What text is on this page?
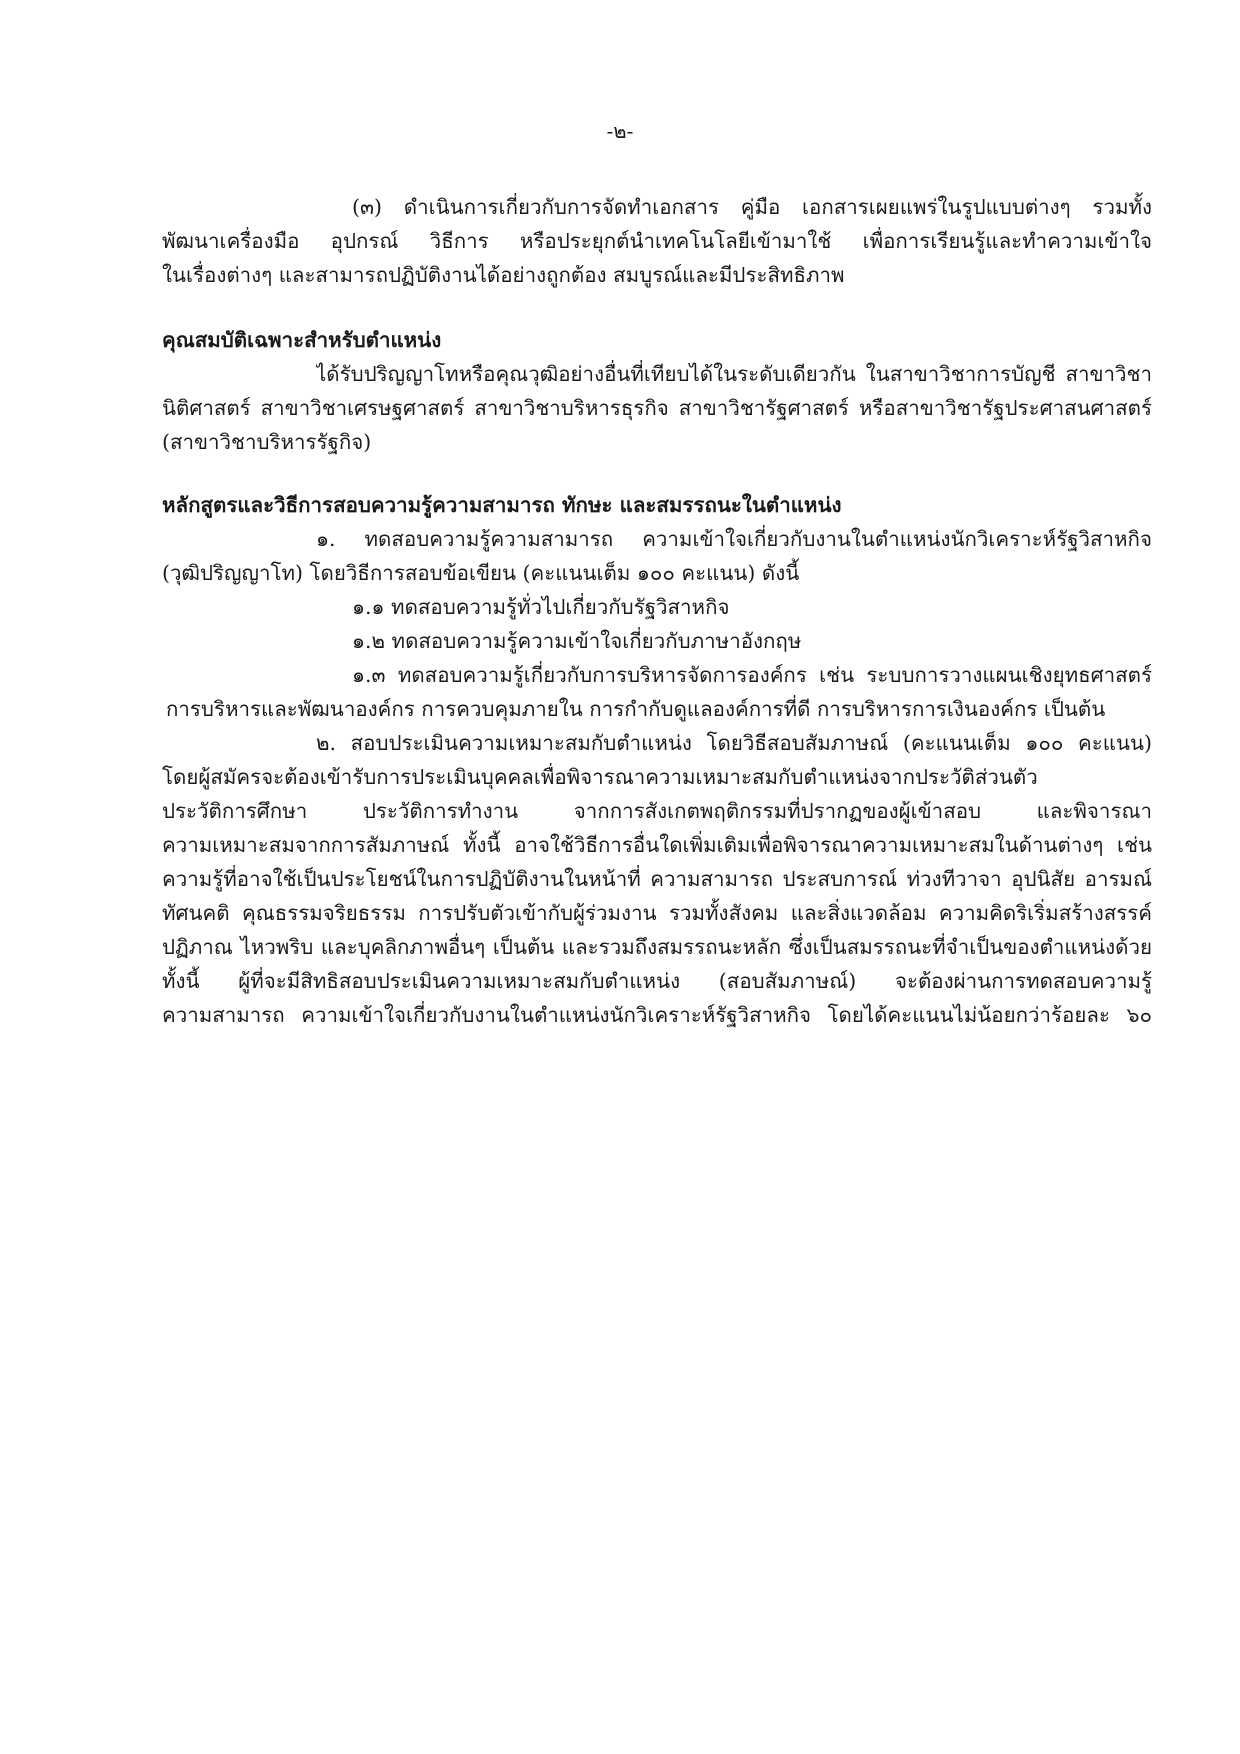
-๒-
(๓) ดำเนินการเกี่ยวกับการจัดทำเอกสาร คู่มือ เอกสารเผยแพร่ในรูปแบบต่างๆ รวมทั้ง
พัฒนาเครื่องมือ อุปกรณ์ วิธีการ หรือประยุกต์นำเทคโนโลยีเข้ามาใช้ เพื่อการเรียนรู้และทำความเข้าใจ
ในเรื่องต่างๆ และสามารถปฏิบัติงานได้อย่างถูกต้อง สมบูรณ์และมีประสิทธิภาพ
คุณสมบัติเฉพาะสำหรับตำแหน่ง
ได้รับปริญญาโทหรือคุณวุฒิอย่างอื่นที่เทียบได้ในระดับเดียวกัน ในสาขาวิชาการบัญชี สาขาวิชา
นิติศาสตร์ สาขาวิชาเศรษฐศาสตร์ สาขาวิชาบริหารธุรกิจ สาขาวิชารัฐศาสตร์ หรือสาขาวิชารัฐประศาสนศาสตร์
(สาขาวิชาบริหารรัฐกิจ)
หลักสูตรและวิธีการสอบความรู้ความสามารถ ทักษะ และสมรรถนะในตำแหน่ง
๑. ทดสอบความรู้ความสามารถ ความเข้าใจเกี่ยวกับงานในตำแหน่งนักวิเคราะห์รัฐวิสาหกิจ
(วุฒิปริญญาโท) โดยวิธีการสอบข้อเขียน (คะแนนเต็ม ๑๐๐ คะแนน) ดังนี้
๑.๑ ทดสอบความรู้ทั่วไปเกี่ยวกับรัฐวิสาหกิจ
๑.๒ ทดสอบความรู้ความเข้าใจเกี่ยวกับภาษาอังกฤษ
๑.๓ ทดสอบความรู้เกี่ยวกับการบริหารจัดการองค์กร เช่น ระบบการวางแผนเชิงยุทธศาสตร์
การบริหารและพัฒนาองค์กร การควบคุมภายใน การกำกับดูแลองค์การที่ดี การบริหารการเงินองค์กร เป็นต้น
๒. สอบประเมินความเหมาะสมกับตำแหน่ง โดยวิธีสอบสัมภาษณ์ (คะแนนเต็ม ๑๐๐ คะแนน)
โดยผู้สมัครจะต้องเข้ารับการประเมินบุคคลเพื่อพิจารณาความเหมาะสมกับตำแหน่งจากประวัติส่วนตัว
ประวัติการศึกษา ประวัติการทำงาน จากการสังเกตพฤติกรรมที่ปรากฏของผู้เข้าสอบ และพิจารณา
ความเหมาะสมจากการสัมภาษณ์ ทั้งนี้ อาจใช้วิธีการอื่นใดเพิ่มเติมเพื่อพิจารณาความเหมาะสมในด้านต่างๆ เช่น
ความรู้ที่อาจใช้เป็นประโยชน์ในการปฏิบัติงานในหน้าที่ ความสามารถ ประสบการณ์ ท่วงทีวาจา อุปนิสัย อารมณ์
ทัศนคติ คุณธรรมจริยธรรม การปรับตัวเข้ากับผู้ร่วมงาน รวมทั้งสังคม และสิ่งแวดล้อม ความคิดริเริ่มสร้างสรรค์
ปฏิภาณ ไหวพริบ และบุคลิกภาพอื่นๆ เป็นต้น และรวมถึงสมรรถนะหลัก ซึ่งเป็นสมรรถนะที่จำเป็นของตำแหน่งด้วย
ทั้งนี้ ผู้ที่จะมีสิทธิสอบประเมินความเหมาะสมกับตำแหน่ง (สอบสัมภาษณ์) จะต้องผ่านการทดสอบความรู้
ความสามารถ ความเข้าใจเกี่ยวกับงานในตำแหน่งนักวิเคราะห์รัฐวิสาหกิจ โดยได้คะแนนไม่น้อยกว่าร้อยละ ๖๐
